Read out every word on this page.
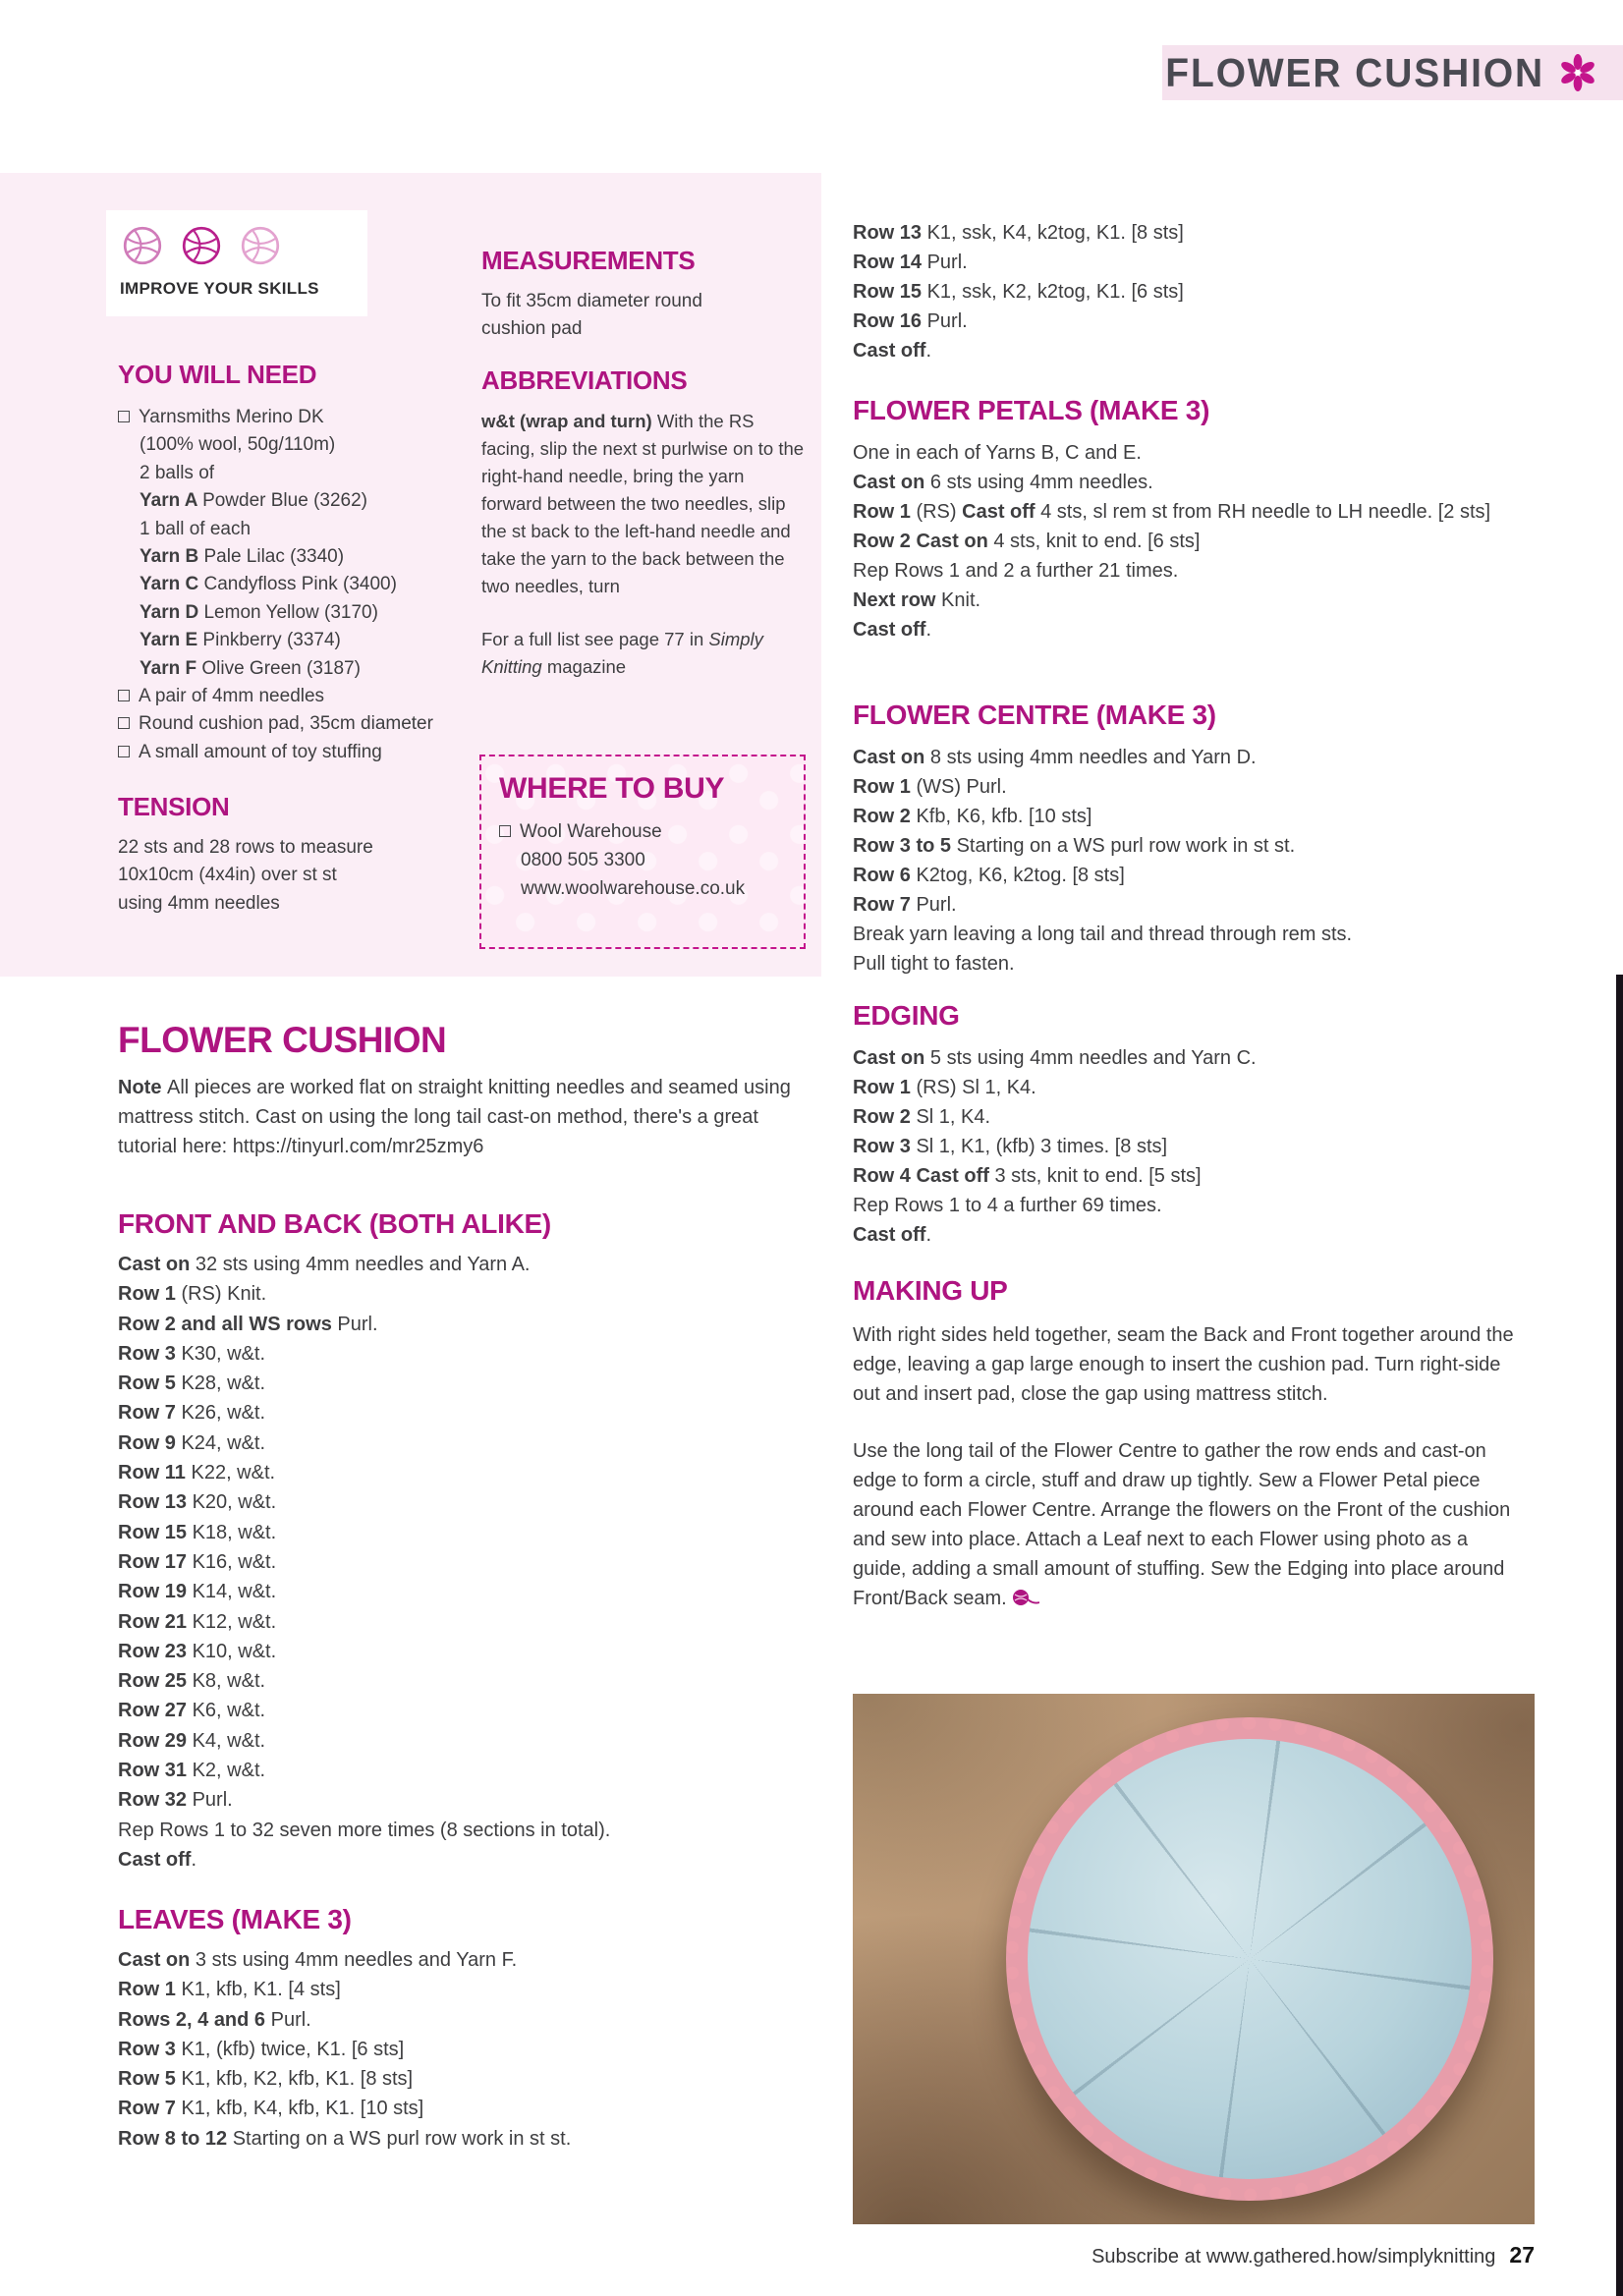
FLOWER CUSHION
IMPROVE YOUR SKILLS
YOU WILL NEED
Yarnsmiths Merino DK
(100% wool, 50g/110m)
2 balls of
Yarn A Powder Blue (3262)
1 ball of each
Yarn B Pale Lilac (3340)
Yarn C Candyfloss Pink (3400)
Yarn D Lemon Yellow (3170)
Yarn E Pinkberry (3374)
Yarn F Olive Green (3187)
A pair of 4mm needles
Round cushion pad, 35cm diameter
A small amount of toy stuffing
TENSION
22 sts and 28 rows to measure 10x10cm (4x4in) over st st using 4mm needles
MEASUREMENTS
To fit 35cm diameter round cushion pad
ABBREVIATIONS
w&t (wrap and turn) With the RS facing, slip the next st purlwise on to the right-hand needle, bring the yarn forward between the two needles, slip the st back to the left-hand needle and take the yarn to the back between the two needles, turn
For a full list see page 77 in Simply Knitting magazine
WHERE TO BUY
Wool Warehouse
0800 505 3300
www.woolwarehouse.co.uk
FLOWER CUSHION
Note All pieces are worked flat on straight knitting needles and seamed using mattress stitch. Cast on using the long tail cast-on method, there's a great tutorial here: https://tinyurl.com/mr25zmy6
FRONT AND BACK (BOTH ALIKE)
Cast on 32 sts using 4mm needles and Yarn A.
Row 1 (RS) Knit.
Row 2 and all WS rows Purl.
Row 3 K30, w&t.
Row 5 K28, w&t.
Row 7 K26, w&t.
Row 9 K24, w&t.
Row 11 K22, w&t.
Row 13 K20, w&t.
Row 15 K18, w&t.
Row 17 K16, w&t.
Row 19 K14, w&t.
Row 21 K12, w&t.
Row 23 K10, w&t.
Row 25 K8, w&t.
Row 27 K6, w&t.
Row 29 K4, w&t.
Row 31 K2, w&t.
Row 32 Purl.
Rep Rows 1 to 32 seven more times (8 sections in total).
Cast off.
LEAVES (MAKE 3)
Cast on 3 sts using 4mm needles and Yarn F.
Row 1 K1, kfb, K1. [4 sts]
Rows 2, 4 and 6 Purl.
Row 3 K1, (kfb) twice, K1. [6 sts]
Row 5 K1, kfb, K2, kfb, K1. [8 sts]
Row 7 K1, kfb, K4, kfb, K1. [10 sts]
Row 8 to 12 Starting on a WS purl row work in st st.
Row 13 K1, ssk, K4, k2tog, K1. [8 sts]
Row 14 Purl.
Row 15 K1, ssk, K2, k2tog, K1. [6 sts]
Row 16 Purl.
Cast off.
FLOWER PETALS (MAKE 3)
One in each of Yarns B, C and E.
Cast on 6 sts using 4mm needles.
Row 1 (RS) Cast off 4 sts, sl rem st from RH needle to LH needle. [2 sts]
Row 2 Cast on 4 sts, knit to end. [6 sts]
Rep Rows 1 and 2 a further 21 times.
Next row Knit.
Cast off.
FLOWER CENTRE (MAKE 3)
Cast on 8 sts using 4mm needles and Yarn D.
Row 1 (WS) Purl.
Row 2 Kfb, K6, kfb. [10 sts]
Row 3 to 5 Starting on a WS purl row work in st st.
Row 6 K2tog, K6, k2tog. [8 sts]
Row 7 Purl.
Break yarn leaving a long tail and thread through rem sts.
Pull tight to fasten.
EDGING
Cast on 5 sts using 4mm needles and Yarn C.
Row 1 (RS) Sl 1, K4.
Row 2 Sl 1, K4.
Row 3 Sl 1, K1, (kfb) 3 times. [8 sts]
Row 4 Cast off 3 sts, knit to end. [5 sts]
Rep Rows 1 to 4 a further 69 times.
Cast off.
MAKING UP
With right sides held together, seam the Back and Front together around the edge, leaving a gap large enough to insert the cushion pad. Turn right-side out and insert pad, close the gap using mattress stitch.
Use the long tail of the Flower Centre to gather the row ends and cast-on edge to form a circle, stuff and draw up tightly. Sew a Flower Petal piece around each Flower Centre. Arrange the flowers on the Front of the cushion and sew into place. Attach a Leaf next to each Flower using photo as a guide, adding a small amount of stuffing. Sew the Edging into place around Front/Back seam.
Subscribe at www.gathered.how/simplyknitting 27
